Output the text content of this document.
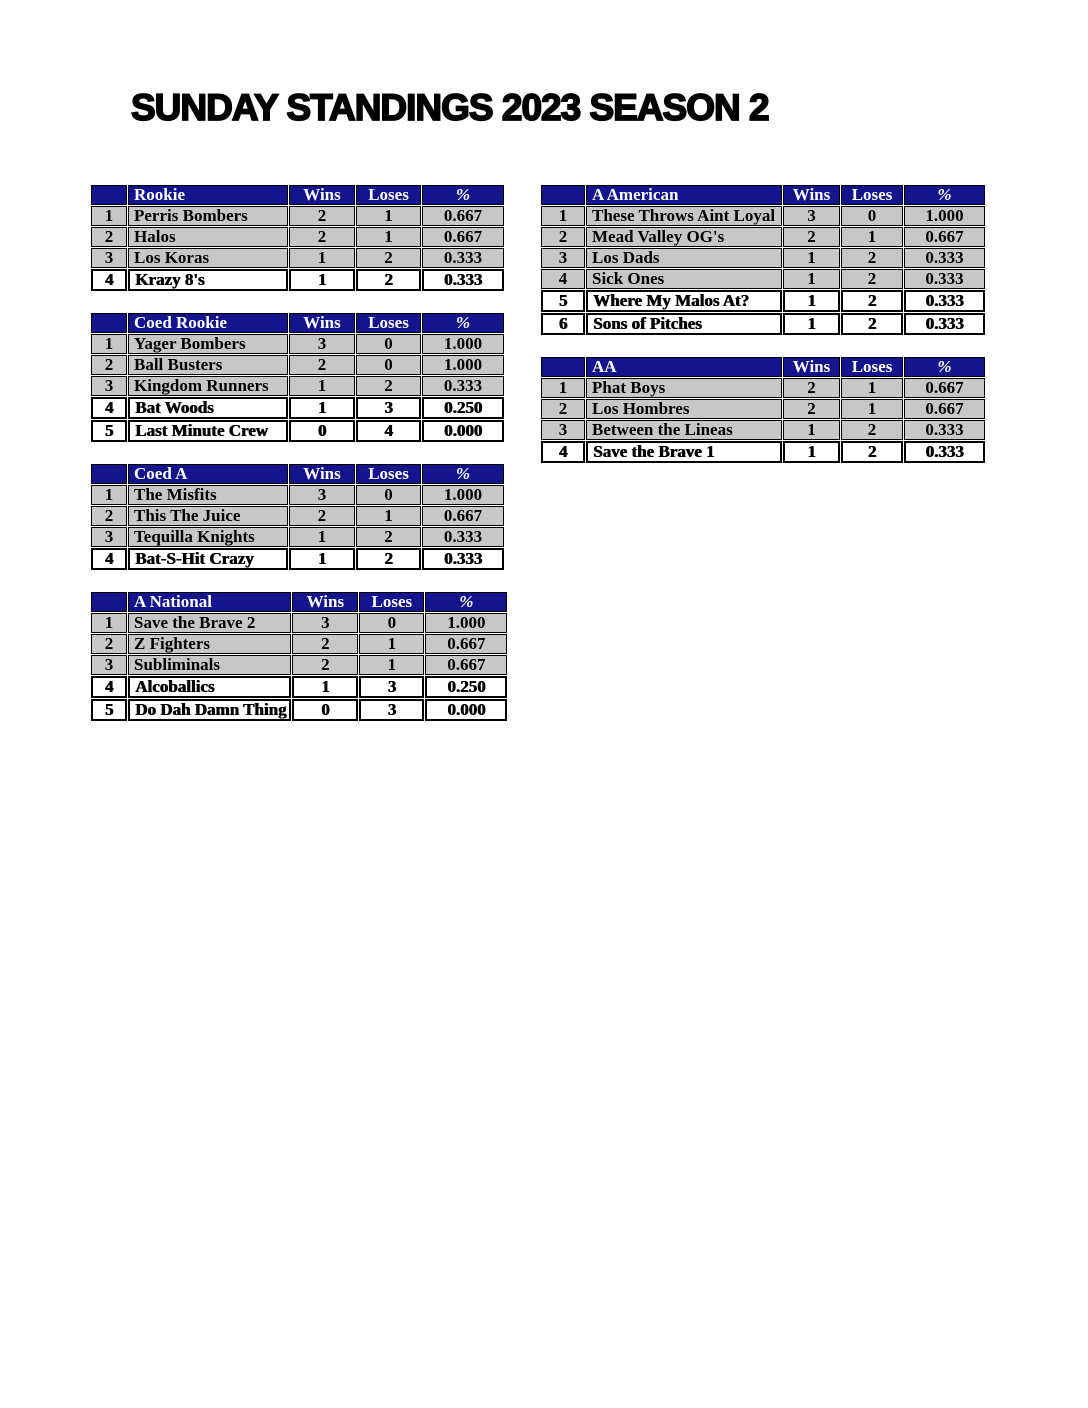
SUNDAY STANDINGS 2023 SEASON 2
	Rookie	Wins	Loses	%
1	Perris Bombers	2	1	0.667
2	Halos	2	1	0.667
3	Los Koras	1	2	0.333
4	Krazy 8's	1	2	0.333
	Coed Rookie	Wins	Loses	%
1	Yager Bombers	3	0	1.000
2	Ball Busters	2	0	1.000
3	Kingdom Runners	1	2	0.333
4	Bat Woods	1	3	0.250
5	Last Minute Crew	0	4	0.000
	Coed A	Wins	Loses	%
1	The Misfits	3	0	1.000
2	This The Juice	2	1	0.667
3	Tequilla Knights	1	2	0.333
4	Bat-S-Hit Crazy	1	2	0.333
	A National	Wins	Loses	%
1	Save the Brave 2	3	0	1.000
2	Z Fighters	2	1	0.667
3	Subliminals	2	1	0.667
4	Alcoballics	1	3	0.250
5	Do Dah Damn Thing	0	3	0.000
	A American	Wins	Loses	%
1	These Throws Aint Loyal	3	0	1.000
2	Mead Valley OG's	2	1	0.667
3	Los Dads	1	2	0.333
4	Sick Ones	1	2	0.333
5	Where My Malos At?	1	2	0.333
6	Sons of Pitches	1	2	0.333
	AA	Wins	Loses	%
1	Phat Boys	2	1	0.667
2	Los Hombres	2	1	0.667
3	Between the Lineas	1	2	0.333
4	Save the Brave 1	1	2	0.333
